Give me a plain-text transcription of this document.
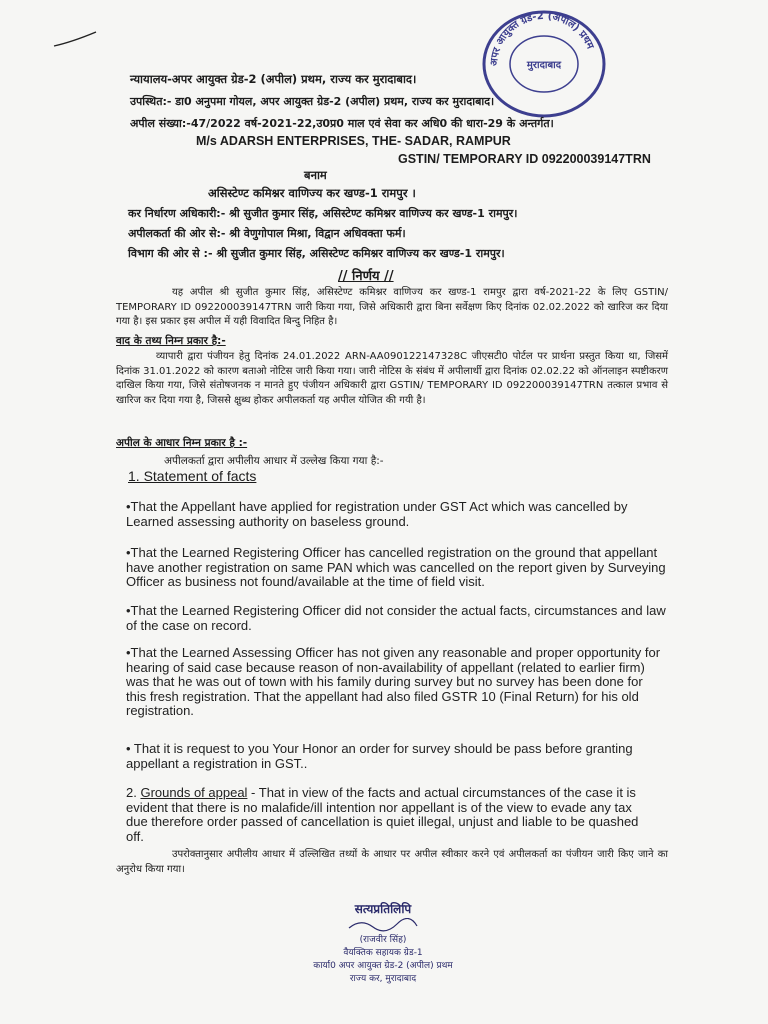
अपर आयुक्त ग्रेड-2 (अपील) प्रथम
मुरादाबाद
न्यायालय-अपर आयुक्त ग्रेड-2 (अपील) प्रथम, राज्य कर मुरादाबाद।
उपस्थित:- डा0 अनुपमा गोयल, अपर आयुक्त ग्रेड-2 (अपील) प्रथम, राज्य कर मुरादाबाद।
अपील संख्या:-47/2022 वर्ष-2021-22,उ0प्र0 माल एवं सेवा कर अधि0 की धारा-29 के अन्तर्गत।
M/s ADARSH ENTERPRISES, THE- SADAR, RAMPUR
GSTIN/ TEMPORARY ID 092200039147TRN
बनाम
असिस्टेण्ट कमिश्नर वाणिज्य कर खण्ड-1 रामपुर ।
कर निर्धारण अधिकारी:- श्री सुजीत कुमार सिंह, असिस्टेण्ट कमिश्नर वाणिज्य कर खण्ड-1 रामपुर।
अपीलकर्ता की ओर से:- श्री वेणुगोपाल मिश्रा, विद्वान अधिवक्ता फर्म।
विभाग की ओर से :- श्री सुजीत कुमार सिंह, असिस्टेण्ट कमिश्नर वाणिज्य कर खण्ड-1 रामपुर।
// निर्णय //
यह अपील श्री सुजीत कुमार सिंह, असिस्टेण्ट कमिश्नर वाणिज्य कर खण्ड-1 रामपुर द्वारा वर्ष-2021-22 के लिए GSTIN/ TEMPORARY ID 092200039147TRN जारी किया गया, जिसे अधिकारी द्वारा बिना सर्वेक्षण किए दिनांक 02.02.2022 को खारिज कर दिया गया है। इस प्रकार इस अपील में यही विवादित बिन्दु निहित है।
वाद के तथ्य निम्न प्रकार है:-
व्यापारी द्वारा पंजीयन हेतु दिनांक 24.01.2022 ARN-AA090122147328C जीएसटी0 पोर्टल पर प्रार्थना प्रस्तुत किया था, जिसमें दिनांक 31.01.2022 को कारण बताओ नोटिस जारी किया गया। जारी नोटिस के संबंध में अपीलार्थी द्वारा दिनांक 02.02.22 को ऑनलाइन स्पष्टीकरण दाखिल किया गया, जिसे संतोषजनक न मानते हुए पंजीयन अधिकारी द्वारा GSTIN/ TEMPORARY ID 092200039147TRN तत्काल प्रभाव से खारिज कर दिया गया है, जिससे क्षुब्ध होकर अपीलकर्ता यह अपील योजित की गयी है।
अपील के आधार निम्न प्रकार है :-
अपीलकर्ता द्वारा अपीलीय आधार में उल्लेख किया गया है:-
1. Statement of facts
•That the Appellant have applied for registration under GST Act which was cancelled by Learned assessing authority on baseless ground.
•That the Learned Registering Officer has cancelled registration on the ground that appellant have another registration on same PAN which was cancelled on the report given by Surveying Officer as business not found/available at the time of field visit.
•That the Learned Registering Officer did not consider the actual facts, circumstances and law of the case on record.
•That the Learned Assessing Officer has not given any reasonable and proper opportunity for hearing of said case because reason of non-availability of appellant (related to earlier firm) was that he was out of town with his family during survey but no survey has been done for this fresh registration. That the appellant had also filed GSTR 10 (Final Return) for his old registration.
• That it is request to you Your Honor an order for survey should be pass before granting appellant a registration in GST..
2. Grounds of appeal - That in view of the facts and actual circumstances of the case it is evident that there is no malafide/ill intention nor appellant is of the view to evade any tax due therefore order passed of cancellation is quiet illegal, unjust and liable to be quashed off.
उपरोक्तानुसार अपीलीय आधार में उल्लिखित तथ्यों के आधार पर अपील स्वीकार करने एवं अपीलकर्ता का पंजीयन जारी किए जाने का अनुरोध किया गया।
सत्यप्रतिलिपि
(राजवीर सिंह)
वैयक्तिक सहायक ग्रेड-1
कार्या0 अपर आयुक्त ग्रेड-2 (अपील) प्रथम
राज्य कर, मुरादाबाद
